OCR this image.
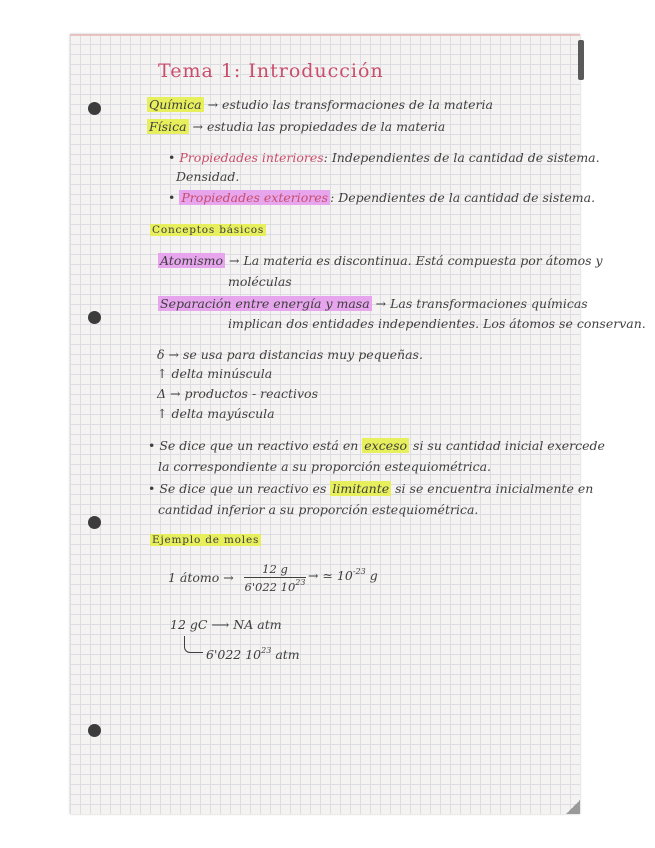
Tema 1: Introducción
Química → estudio las transformaciones de la materia
Física → estudia las propiedades de la materia
• Propiedades interiores: Independientes de la cantidad de sistema.
Densidad.
• Propiedades exteriores : Dependientes de la cantidad de sistema.
Conceptos básicos
Atomismo → La materia es discontinua. Está compuesta por átomos y
moléculas
Separación entre energía y masa → Las transformaciones químicas
implican dos entidades independientes. Los átomos se conservan.
δ → se usa para distancias muy pequeñas.
↑ delta minúscula
Δ → productos - reactivos
↑ delta mayúscula
• Se dice que un reactivo está en exceso si su cantidad inicial exercede
la correspondiente a su proporción estequiométrica.
• Se dice que un reactivo es limitante si se encuentra inicialmente en
cantidad inferior a su proporción estequiométrica.
Ejemplo de moles
1 átomo → $\frac{12 g}{6'022 10^{23}}$ → ≃ $10^{-23}$ g
12 gC ⟶ NA atm
6'022 $10^{23}$ atm
